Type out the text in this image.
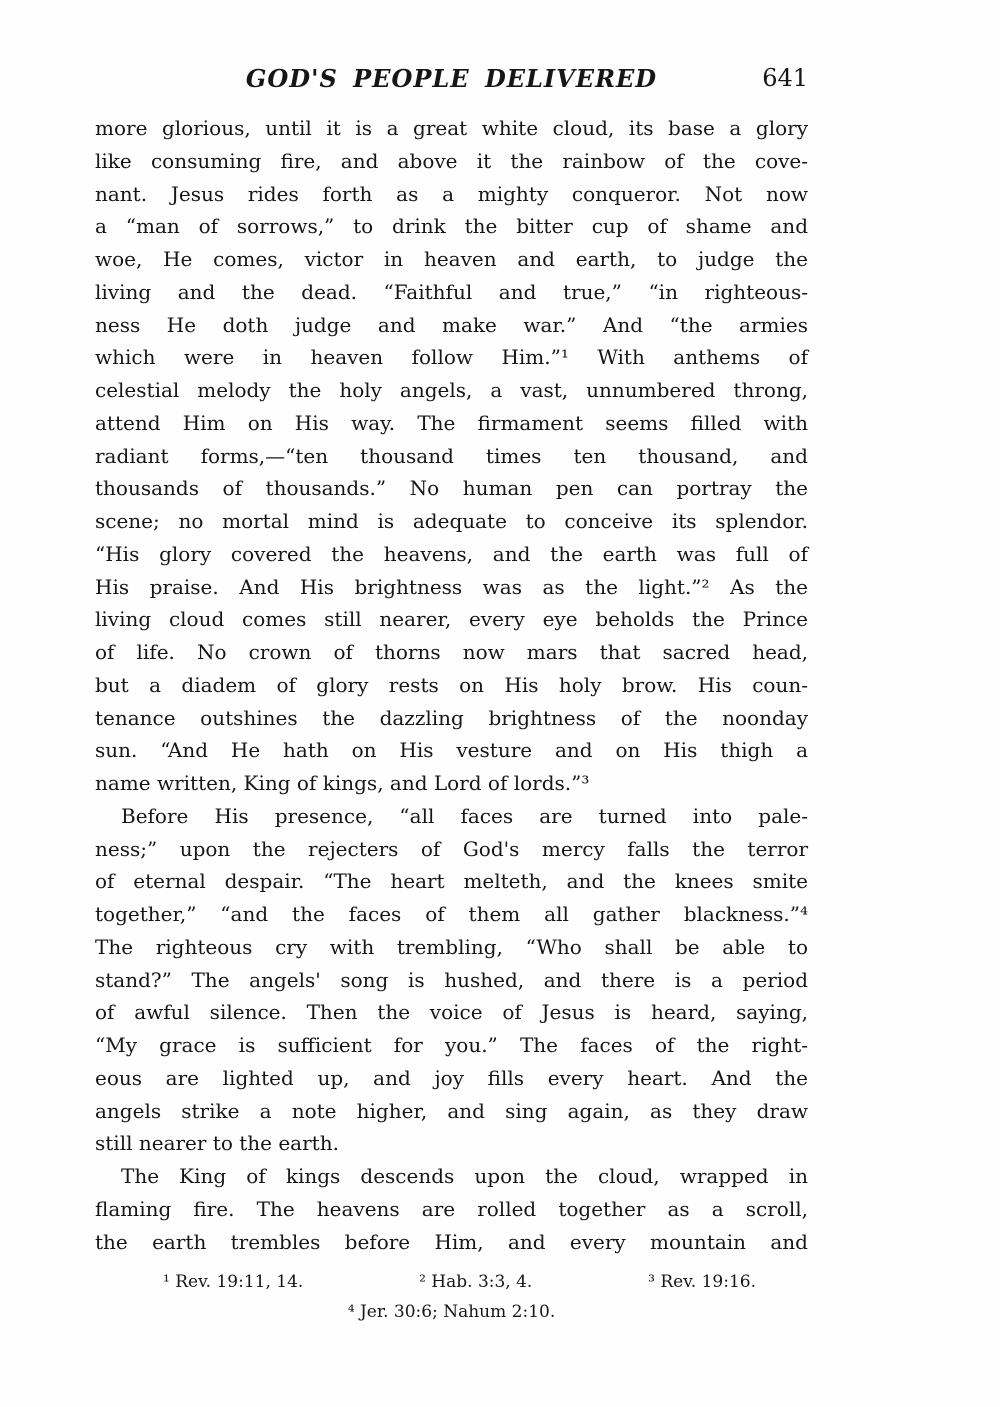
GOD'S PEOPLE DELIVERED	641
more glorious, until it is a great white cloud, its base a glory
like consuming fire, and above it the rainbow of the cove-
nant. Jesus rides forth as a mighty conqueror. Not now
a “man of sorrows,” to drink the bitter cup of shame and
woe, He comes, victor in heaven and earth, to judge the
living and the dead. “Faithful and true,” “in righteous-
ness He doth judge and make war.” And “the armies
which were in heaven follow Him.”¹ With anthems of
celestial melody the holy angels, a vast, unnumbered throng,
attend Him on His way. The firmament seems filled with
radiant forms,—“ten thousand times ten thousand, and
thousands of thousands.” No human pen can portray the
scene; no mortal mind is adequate to conceive its splendor.
“His glory covered the heavens, and the earth was full of
His praise. And His brightness was as the light.”² As the
living cloud comes still nearer, every eye beholds the Prince
of life. No crown of thorns now mars that sacred head,
but a diadem of glory rests on His holy brow. His coun-
tenance outshines the dazzling brightness of the noonday
sun. “And He hath on His vesture and on His thigh a
name written, King of kings, and Lord of lords.”³
Before His presence, “all faces are turned into pale-
ness;” upon the rejecters of God's mercy falls the terror
of eternal despair. “The heart melteth, and the knees smite
together,” “and the faces of them all gather blackness.”⁴
The righteous cry with trembling, “Who shall be able to
stand?” The angels' song is hushed, and there is a period
of awful silence. Then the voice of Jesus is heard, saying,
“My grace is sufficient for you.” The faces of the right-
eous are lighted up, and joy fills every heart. And the
angels strike a note higher, and sing again, as they draw
still nearer to the earth.
The King of kings descends upon the cloud, wrapped in
flaming fire. The heavens are rolled together as a scroll,
the earth trembles before Him, and every mountain and
¹ Rev. 19:11, 14.	² Hab. 3:3, 4.	³ Rev. 19:16.
⁴ Jer. 30:6; Nahum 2:10.
